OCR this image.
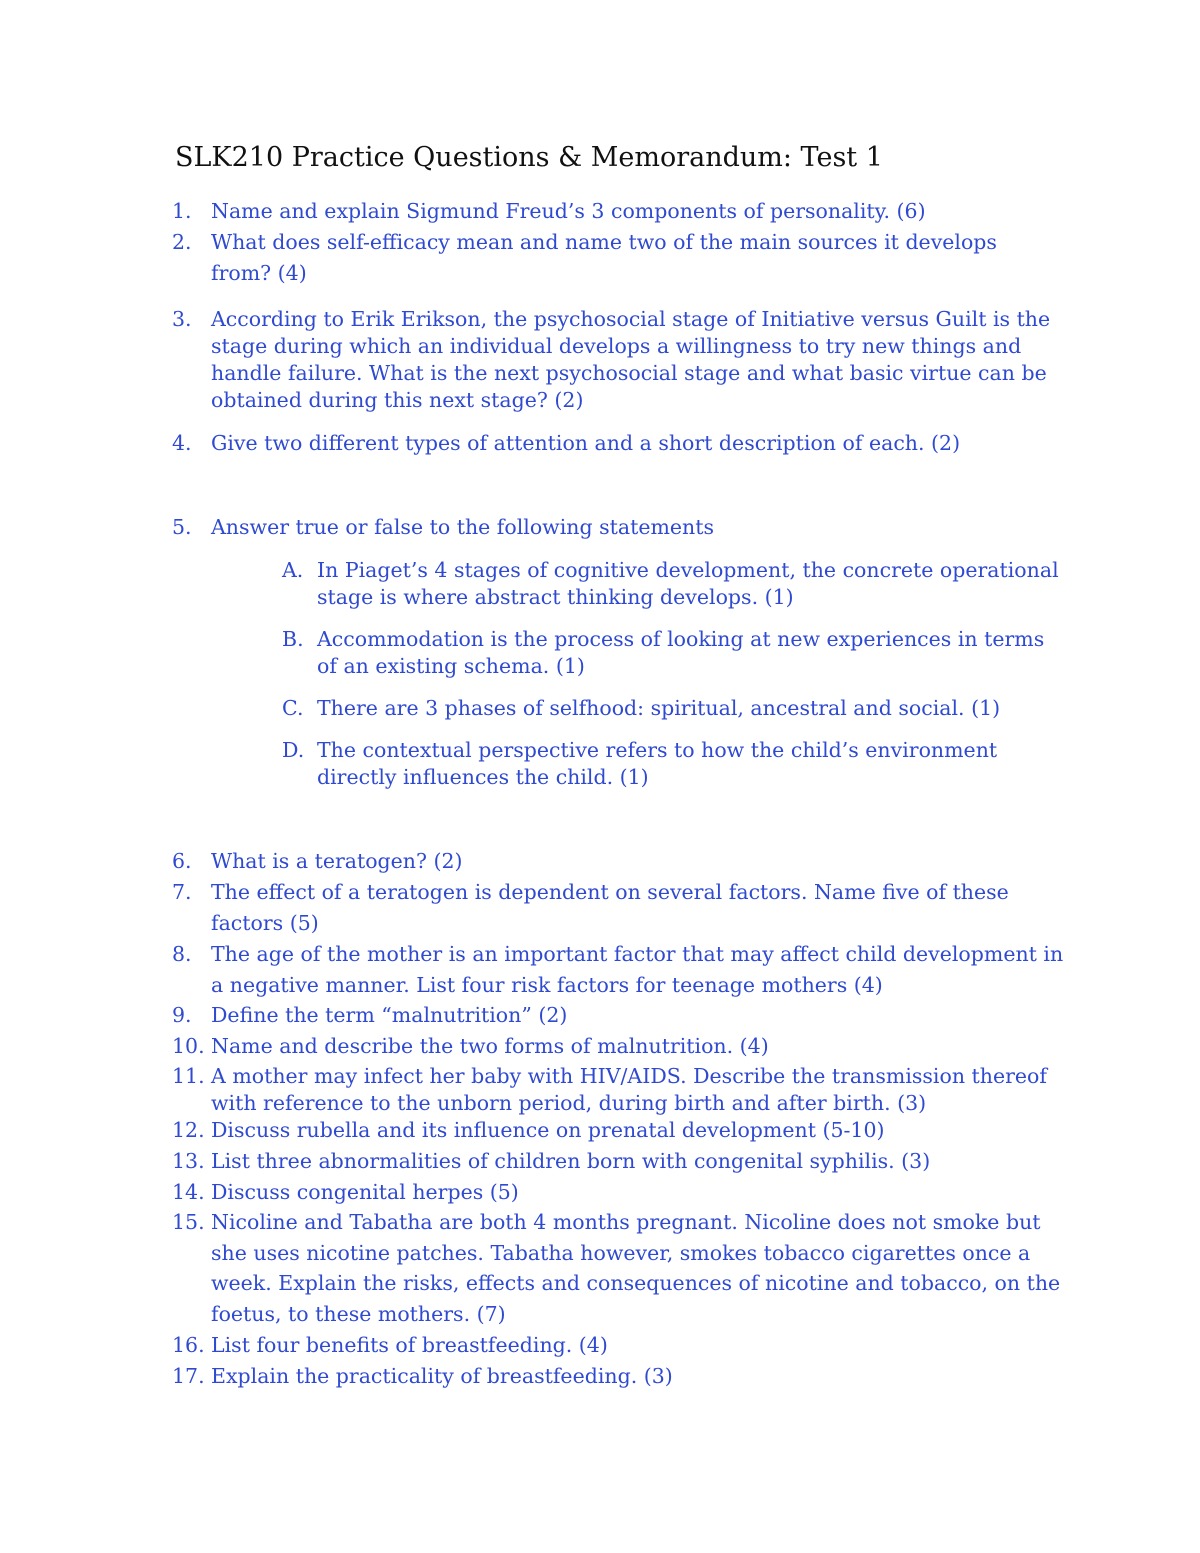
SLK210 Practice Questions & Memorandum: Test 1
1. Name and explain Sigmund Freud’s 3 components of personality. (6)
2. What does self-efficacy mean and name two of the main sources it develops
from? (4)
3. According to Erik Erikson, the psychosocial stage of Initiative versus Guilt is the
stage during which an individual develops a willingness to try new things and
handle failure. What is the next psychosocial stage and what basic virtue can be
obtained during this next stage? (2)
4. Give two different types of attention and a short description of each. (2)
5. Answer true or false to the following statements
A. In Piaget’s 4 stages of cognitive development, the concrete operational
stage is where abstract thinking develops. (1)
B. Accommodation is the process of looking at new experiences in terms
of an existing schema. (1)
C. There are 3 phases of selfhood: spiritual, ancestral and social. (1)
D. The contextual perspective refers to how the child’s environment
directly influences the child. (1)
6. What is a teratogen? (2)
7. The effect of a teratogen is dependent on several factors. Name five of these
factors (5)
8. The age of the mother is an important factor that may affect child development in
a negative manner. List four risk factors for teenage mothers (4)
9. Define the term “malnutrition” (2)
10. Name and describe the two forms of malnutrition. (4)
11. A mother may infect her baby with HIV/AIDS. Describe the transmission thereof
with reference to the unborn period, during birth and after birth. (3)
12. Discuss rubella and its influence on prenatal development (5-10)
13. List three abnormalities of children born with congenital syphilis. (3)
14. Discuss congenital herpes (5)
15. Nicoline and Tabatha are both 4 months pregnant. Nicoline does not smoke but
she uses nicotine patches. Tabatha however, smokes tobacco cigarettes once a
week. Explain the risks, effects and consequences of nicotine and tobacco, on the
foetus, to these mothers. (7)
16. List four benefits of breastfeeding. (4)
17. Explain the practicality of breastfeeding. (3)
